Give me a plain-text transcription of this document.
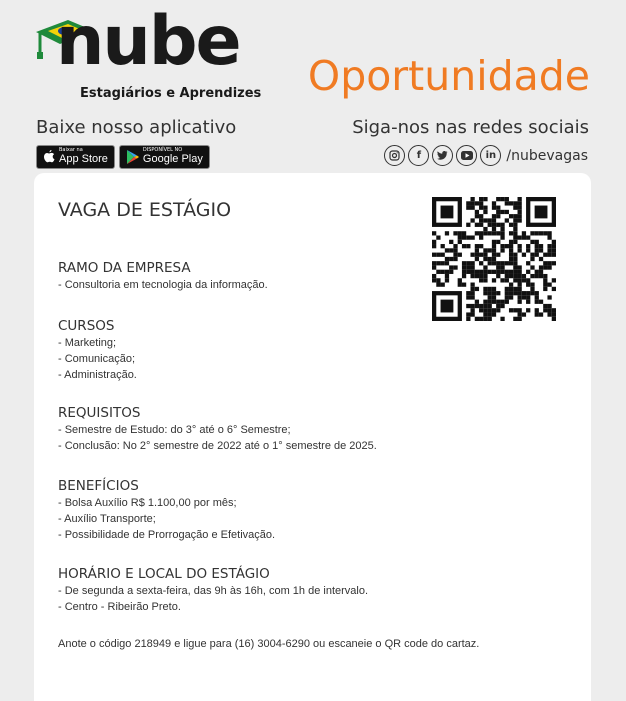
nube
Estagiários e Aprendizes Oportunidade
Baixe nosso aplicativo
Baixar na
App Store
DISPONÍVEL NO
Google Play
Siga-nos nas redes sociais
f	in /nubevagas
VAGA DE ESTÁGIO
RAMO DA EMPRESA
- Consultoria em tecnologia da informação.
CURSOS
- Marketing;
- Comunicação;
- Administração.
REQUISITOS
- Semestre de Estudo: do 3° até o 6° Semestre;
- Conclusão: No 2° semestre de 2022 até o 1° semestre de 2025.
BENEFÍCIOS
- Bolsa Auxílio R$ 1.100,00 por mês;
- Auxílio Transporte;
- Possibilidade de Prorrogação e Efetivação.
HORÁRIO E LOCAL DO ESTÁGIO
- De segunda a sexta-feira, das 9h às 16h, com 1h de intervalo.
- Centro - Ribeirão Preto.
Anote o código 218949 e ligue para (16) 3004-6290 ou escaneie o QR code do cartaz.
